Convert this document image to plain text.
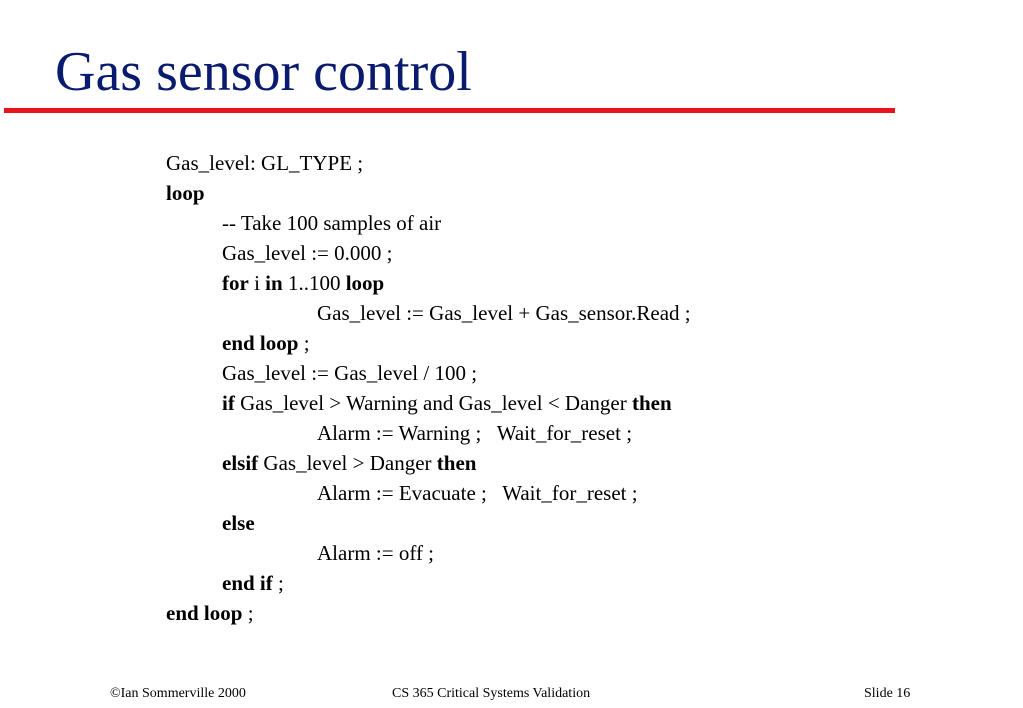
Gas sensor control
Gas_level: GL_TYPE ;
loop
-- Take 100 samples of air
Gas_level := 0.000 ;
for i in 1..100 loop
Gas_level := Gas_level + Gas_sensor.Read ;
end loop ;
Gas_level := Gas_level / 100 ;
if Gas_level > Warning and Gas_level < Danger then
Alarm := Warning ;   Wait_for_reset ;
elsif Gas_level > Danger then
Alarm := Evacuate ;   Wait_for_reset ;
else
Alarm := off ;
end if ;
end loop ;
©Ian Sommerville 2000	CS 365 Critical Systems Validation	Slide 16
